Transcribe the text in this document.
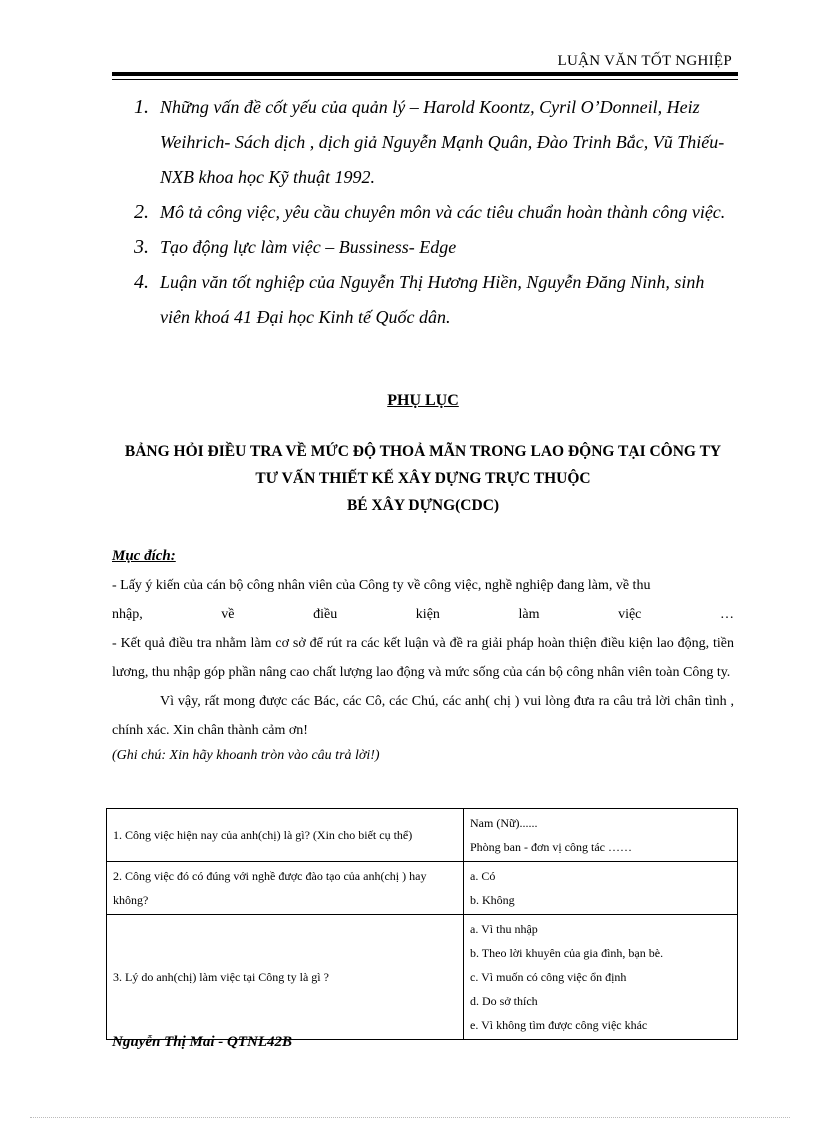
LUẬN VĂN TỐT NGHIỆP
1. Những vấn đề cốt yếu của quản lý – Harold Koontz, Cyril O’Donneil, Heiz Weihrich- Sách dịch , dịch giả Nguyễn Mạnh Quân, Đào Trinh Bắc, Vũ Thiếu- NXB khoa học Kỹ thuật 1992.
2. Mô tả công việc, yêu cầu chuyên môn và các tiêu chuẩn hoàn thành công việc.
3. Tạo động lực làm việc – Bussiness- Edge
4. Luận văn tốt nghiệp của Nguyễn Thị Hương Hiền, Nguyễn Đăng Ninh, sinh viên khoá 41 Đại học Kinh tế Quốc dân.
PHỤ LỤC
BẢNG HỎI ĐIỀU TRA VỀ MỨC ĐỘ THOẢ MÃN TRONG LAO ĐỘNG TẠI CÔNG TY
TƯ VẤN THIẾT KẾ XÂY DỰNG TRỰC THUỘC
BÉ XÂY DỰNG(CDC)
Mục đích:
- Lấy ý kiến của cán bộ công nhân viên của Công ty về công việc, nghề nghiệp đang làm, về thu
nhập, về điều kiện làm việc …
- Kết quả điều tra nhằm làm cơ sở để rút ra các kết luận và đề ra giải pháp hoàn thiện điều kiện lao động, tiền lương, thu nhập góp phần nâng cao chất lượng lao động và mức sống của cán bộ công nhân viên toàn Công ty.
Vì vậy, rất mong được các Bác, các Cô, các Chú, các anh( chị ) vui lòng đưa ra câu trả lời chân tình , chính xác. Xin chân thành cảm ơn!
(Ghi chú: Xin hãy khoanh tròn vào câu trả lời!)
1. Công việc hiện nay của anh(chị) là gì? (Xin cho biết cụ thể)	Nam (Nữ)......
Phòng ban - đơn vị công tác ……

2. Công việc đó có đúng với nghề được đào tạo của anh(chị ) hay không?	a. Có
b. Không

3. Lý do anh(chị) làm việc tại Công ty là gì ?	a. Vì thu nhập
b. Theo lời khuyên của gia đình, bạn bè.
c. Vì muốn có công việc ổn định
d. Do sở thích
e. Vì không tìm được công việc khác
Nguyễn Thị Mai - QTNL42B
